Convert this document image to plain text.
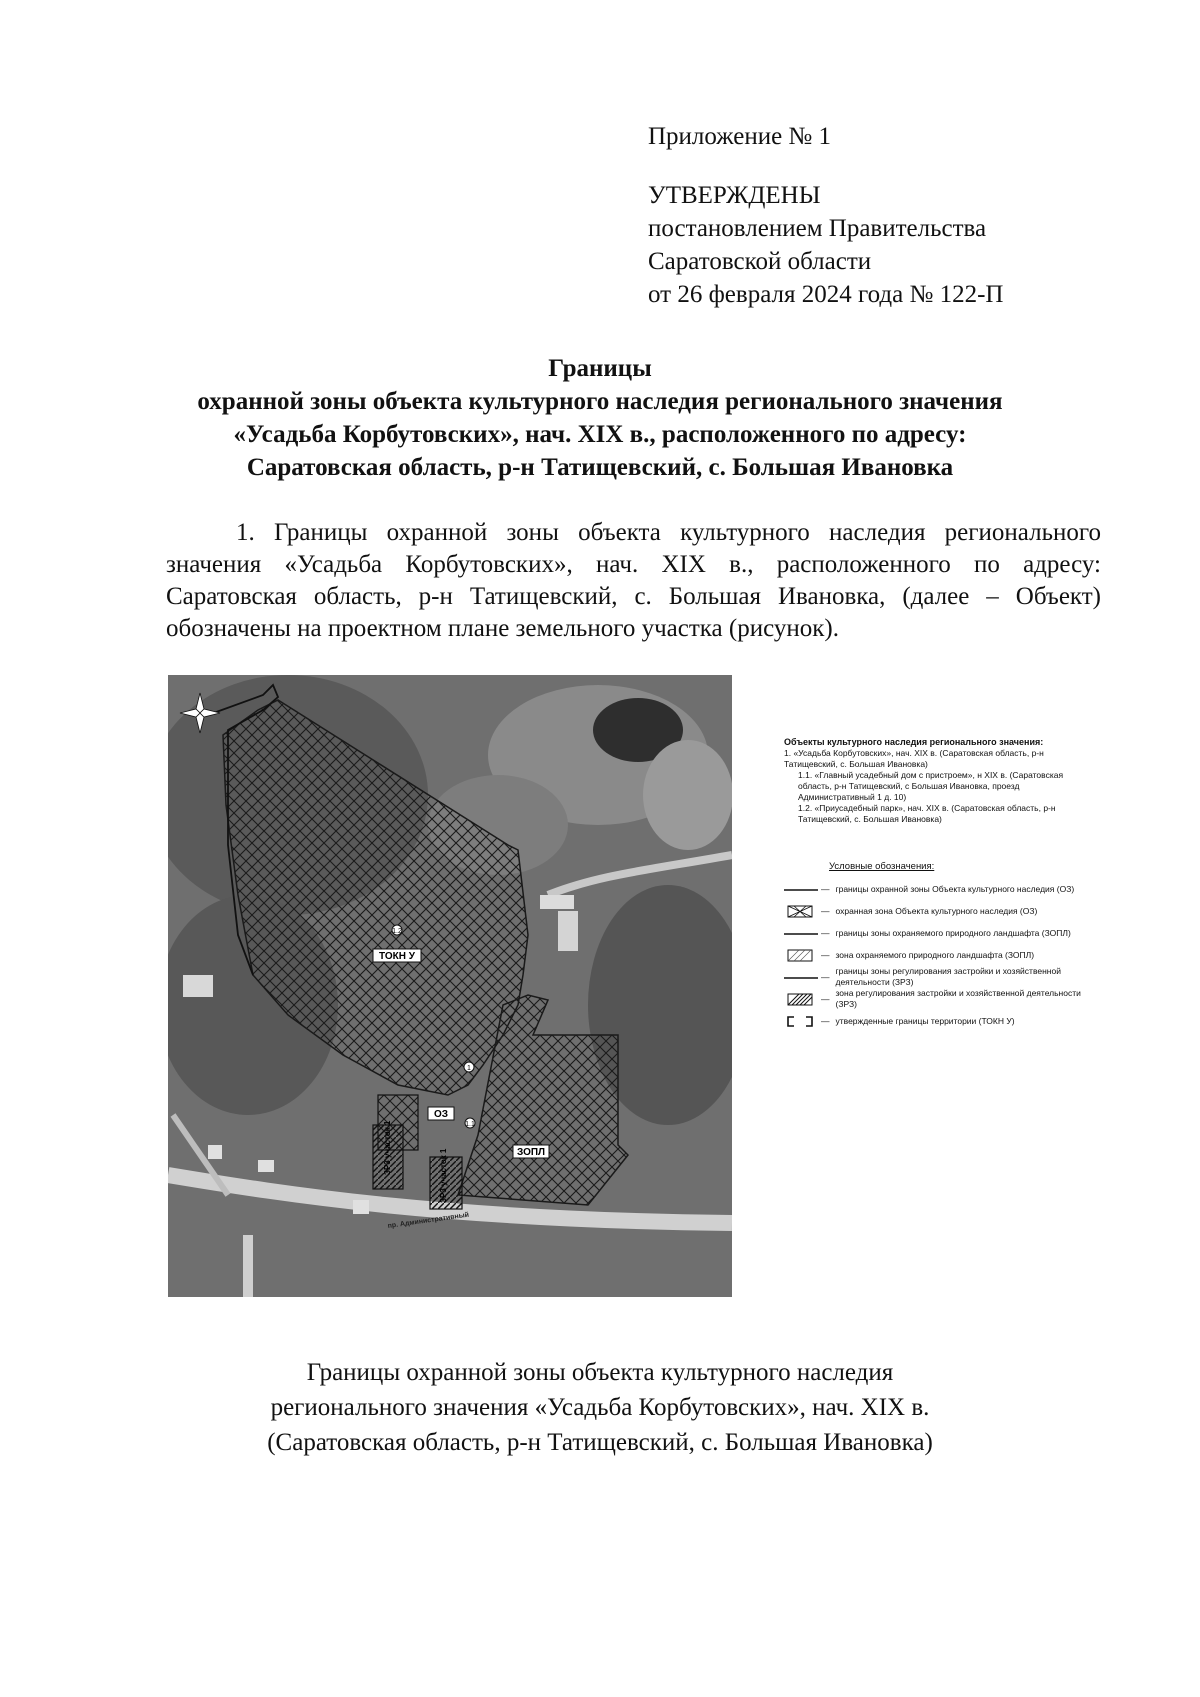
Приложение № 1
УТВЕРЖДЕНЫ
постановлением Правительства
Саратовской области
от 26 февраля 2024 года № 122-П
Границы
охранной зоны объекта культурного наследия регионального значения
«Усадьба Корбутовских», нач. XIX в., расположенного по адресу:
Саратовская область, р-н Татищевский, с. Большая Ивановка
1. Границы охранной зоны объекта культурного наследия регионального значения «Усадьба Корбутовских», нач. XIX в., расположенного по адресу: Саратовская область, р-н Татищевский, с. Большая Ивановка, (далее – Объект) обозначены на проектном плане земельного участка (рисунок).
ТОКН У
ОЗ
ЗОПЛ
ЗР3 участок 1
ЗР3 участок 1
пр. Административный
1.2
1
1.1
Объекты культурного наследия регионального значения:
1. «Усадьба Корбутовских», нач. XIX в. (Саратовская область, р-н Татищевский, с. Большая Ивановка)
1.1. «Главный усадебный дом с пристроем», н XIX в. (Саратовская область, р-н Татищевский, с Большая Ивановка, проезд Административный 1 д. 10)
1.2. «Приусадебный парк», нач. XIX в. (Саратовская область, р-н Татищевский, с. Большая Ивановка)
Условные обозначения:
— границы охранной зоны Объекта культурного наследия (ОЗ)
— охранная зона Объекта культурного наследия (ОЗ)
— границы зоны охраняемого природного ландшафта (ЗОПЛ)
— зона охраняемого природного ландшафта (ЗОПЛ)
—
границы зоны регулирования застройки и хозяйственной деятельности (ЗРЗ)
—
зона регулирования застройки и хозяйственной деятельности (ЗРЗ)
— утвержденные границы территории (ТОКН У)
Границы охранной зоны объекта культурного наследия
регионального значения «Усадьба Корбутовских», нач. XIX в.
(Саратовская область, р-н Татищевский, с. Большая Ивановка)
